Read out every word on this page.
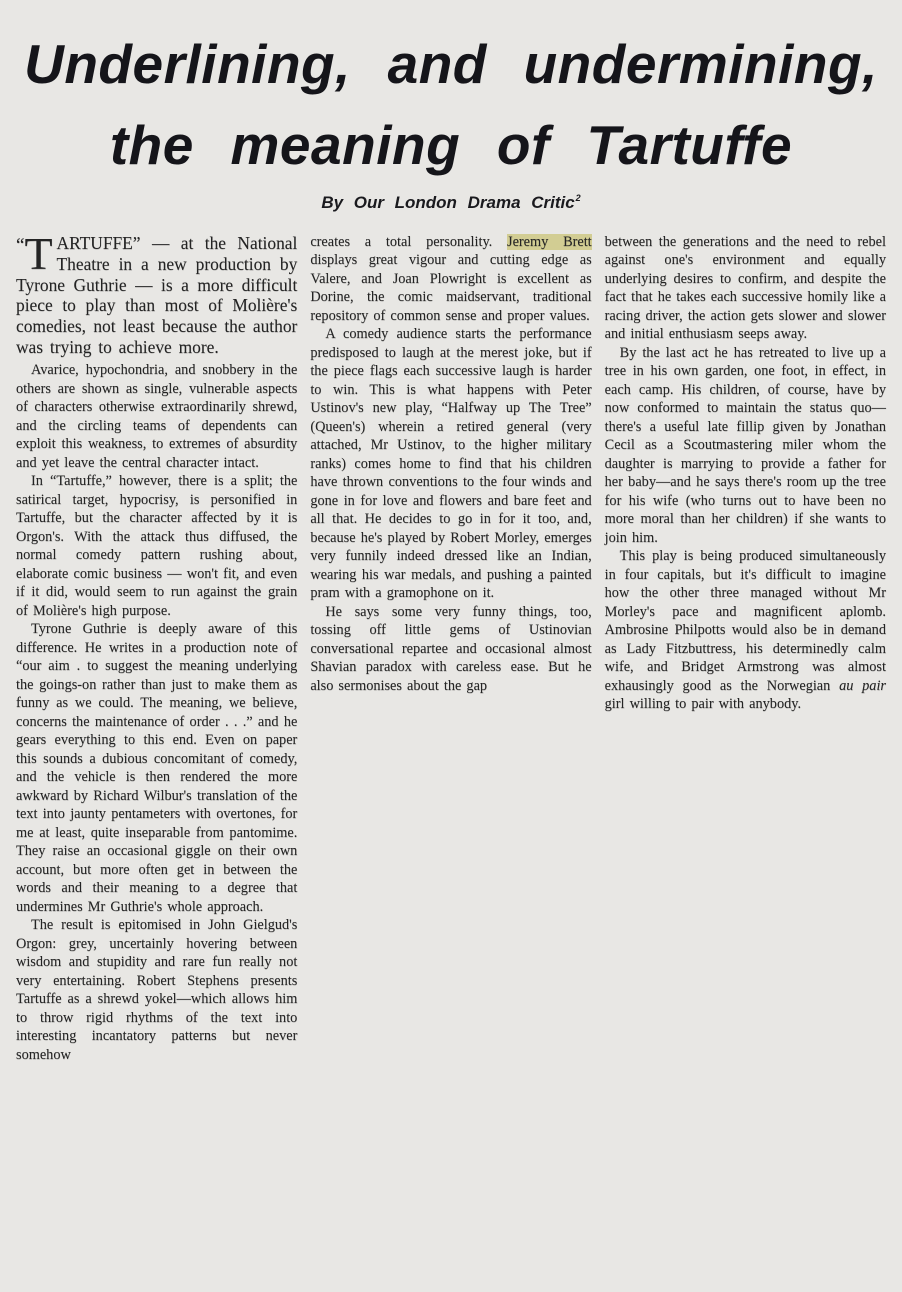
Underlining, and undermining,
the meaning of Tartuffe
By Our London Drama Critic$^2$

“T ARTUFFE” — at the National Theatre in a new production by Tyrone Guthrie — is a more difficult piece to play than most of Molière's comedies, not least because the author was trying to achieve more.

Avarice, hypochondria, and snobbery in the others are shown as single, vulnerable aspects of characters otherwise extraordinarily shrewd, and the circling teams of dependents can exploit this weakness, to extremes of absurdity and yet leave the central character intact.

In “Tartuffe,” however, there is a split; the satirical target, hypocrisy, is personified in Tartuffe, but the character affected by it is Orgon's. With the attack thus diffused, the normal comedy pattern rushing about, elaborate comic business — won't fit, and even if it did, would seem to run against the grain of Molière's high purpose.

Tyrone Guthrie is deeply aware of this difference. He writes in a production note of “our aim . to suggest the meaning underlying the goings-on rather than just to make them as funny as we could. The meaning, we believe, concerns the maintenance of order . . .” and he gears everything to this end. Even on paper this sounds a dubious concomitant of comedy, and the vehicle is then rendered the more awkward by Richard Wilbur's translation of the text into jaunty pentameters with overtones, for me at least, quite inseparable from pantomime. They raise an occasional giggle on their own account, but more often get in between the words and their meaning to a degree that undermines Mr Guthrie's whole approach.

The result is epitomised in John Gielgud's Orgon: grey, uncertainly hovering between wisdom and stupidity and rare fun really not very entertaining. Robert Stephens presents Tartuffe as a shrewd yokel—which allows him to throw rigid rhythms of the text into interesting incantatory patterns but never somehow

creates a total personality. Jeremy Brett displays great vigour and cutting edge as Valere, and Joan Plowright is excellent as Dorine, the comic maidservant, traditional repository of common sense and proper values.

A comedy audience starts the performance predisposed to laugh at the merest joke, but if the piece flags each successive laugh is harder to win. This is what happens with Peter Ustinov's new play, “Halfway up The Tree” (Queen's) wherein a retired general (very attached, Mr Ustinov, to the higher military ranks) comes home to find that his children have thrown conventions to the four winds and gone in for love and flowers and bare feet and all that. He decides to go in for it too, and, because he's played by Robert Morley, emerges very funnily indeed dressed like an Indian, wearing his war medals, and pushing a painted pram with a gramophone on it.

He says some very funny things, too, tossing off little gems of Ustinovian conversational repartee and occasional almost Shavian paradox with careless ease. But he also sermonises about the gap

between the generations and the need to rebel against one's environment and equally underlying desires to confirm, and despite the fact that he takes each successive homily like a racing driver, the action gets slower and slower and initial enthusiasm seeps away.

By the last act he has retreated to live up a tree in his own garden, one foot, in effect, in each camp. His children, of course, have by now conformed to maintain the status quo—there's a useful late fillip given by Jonathan Cecil as a Scoutmastering miler whom the daughter is marrying to provide a father for her baby—and he says there's room up the tree for his wife (who turns out to have been no more moral than her children) if she wants to join him.

This play is being produced simultaneously in four capitals, but it's difficult to imagine how the other three managed without Mr Morley's pace and magnificent aplomb. Ambrosine Philpotts would also be in demand as Lady Fitzbuttress, his determinedly calm wife, and Bridget Armstrong was almost exhausingly good as the Norwegian au pair girl willing to pair with anybody.
